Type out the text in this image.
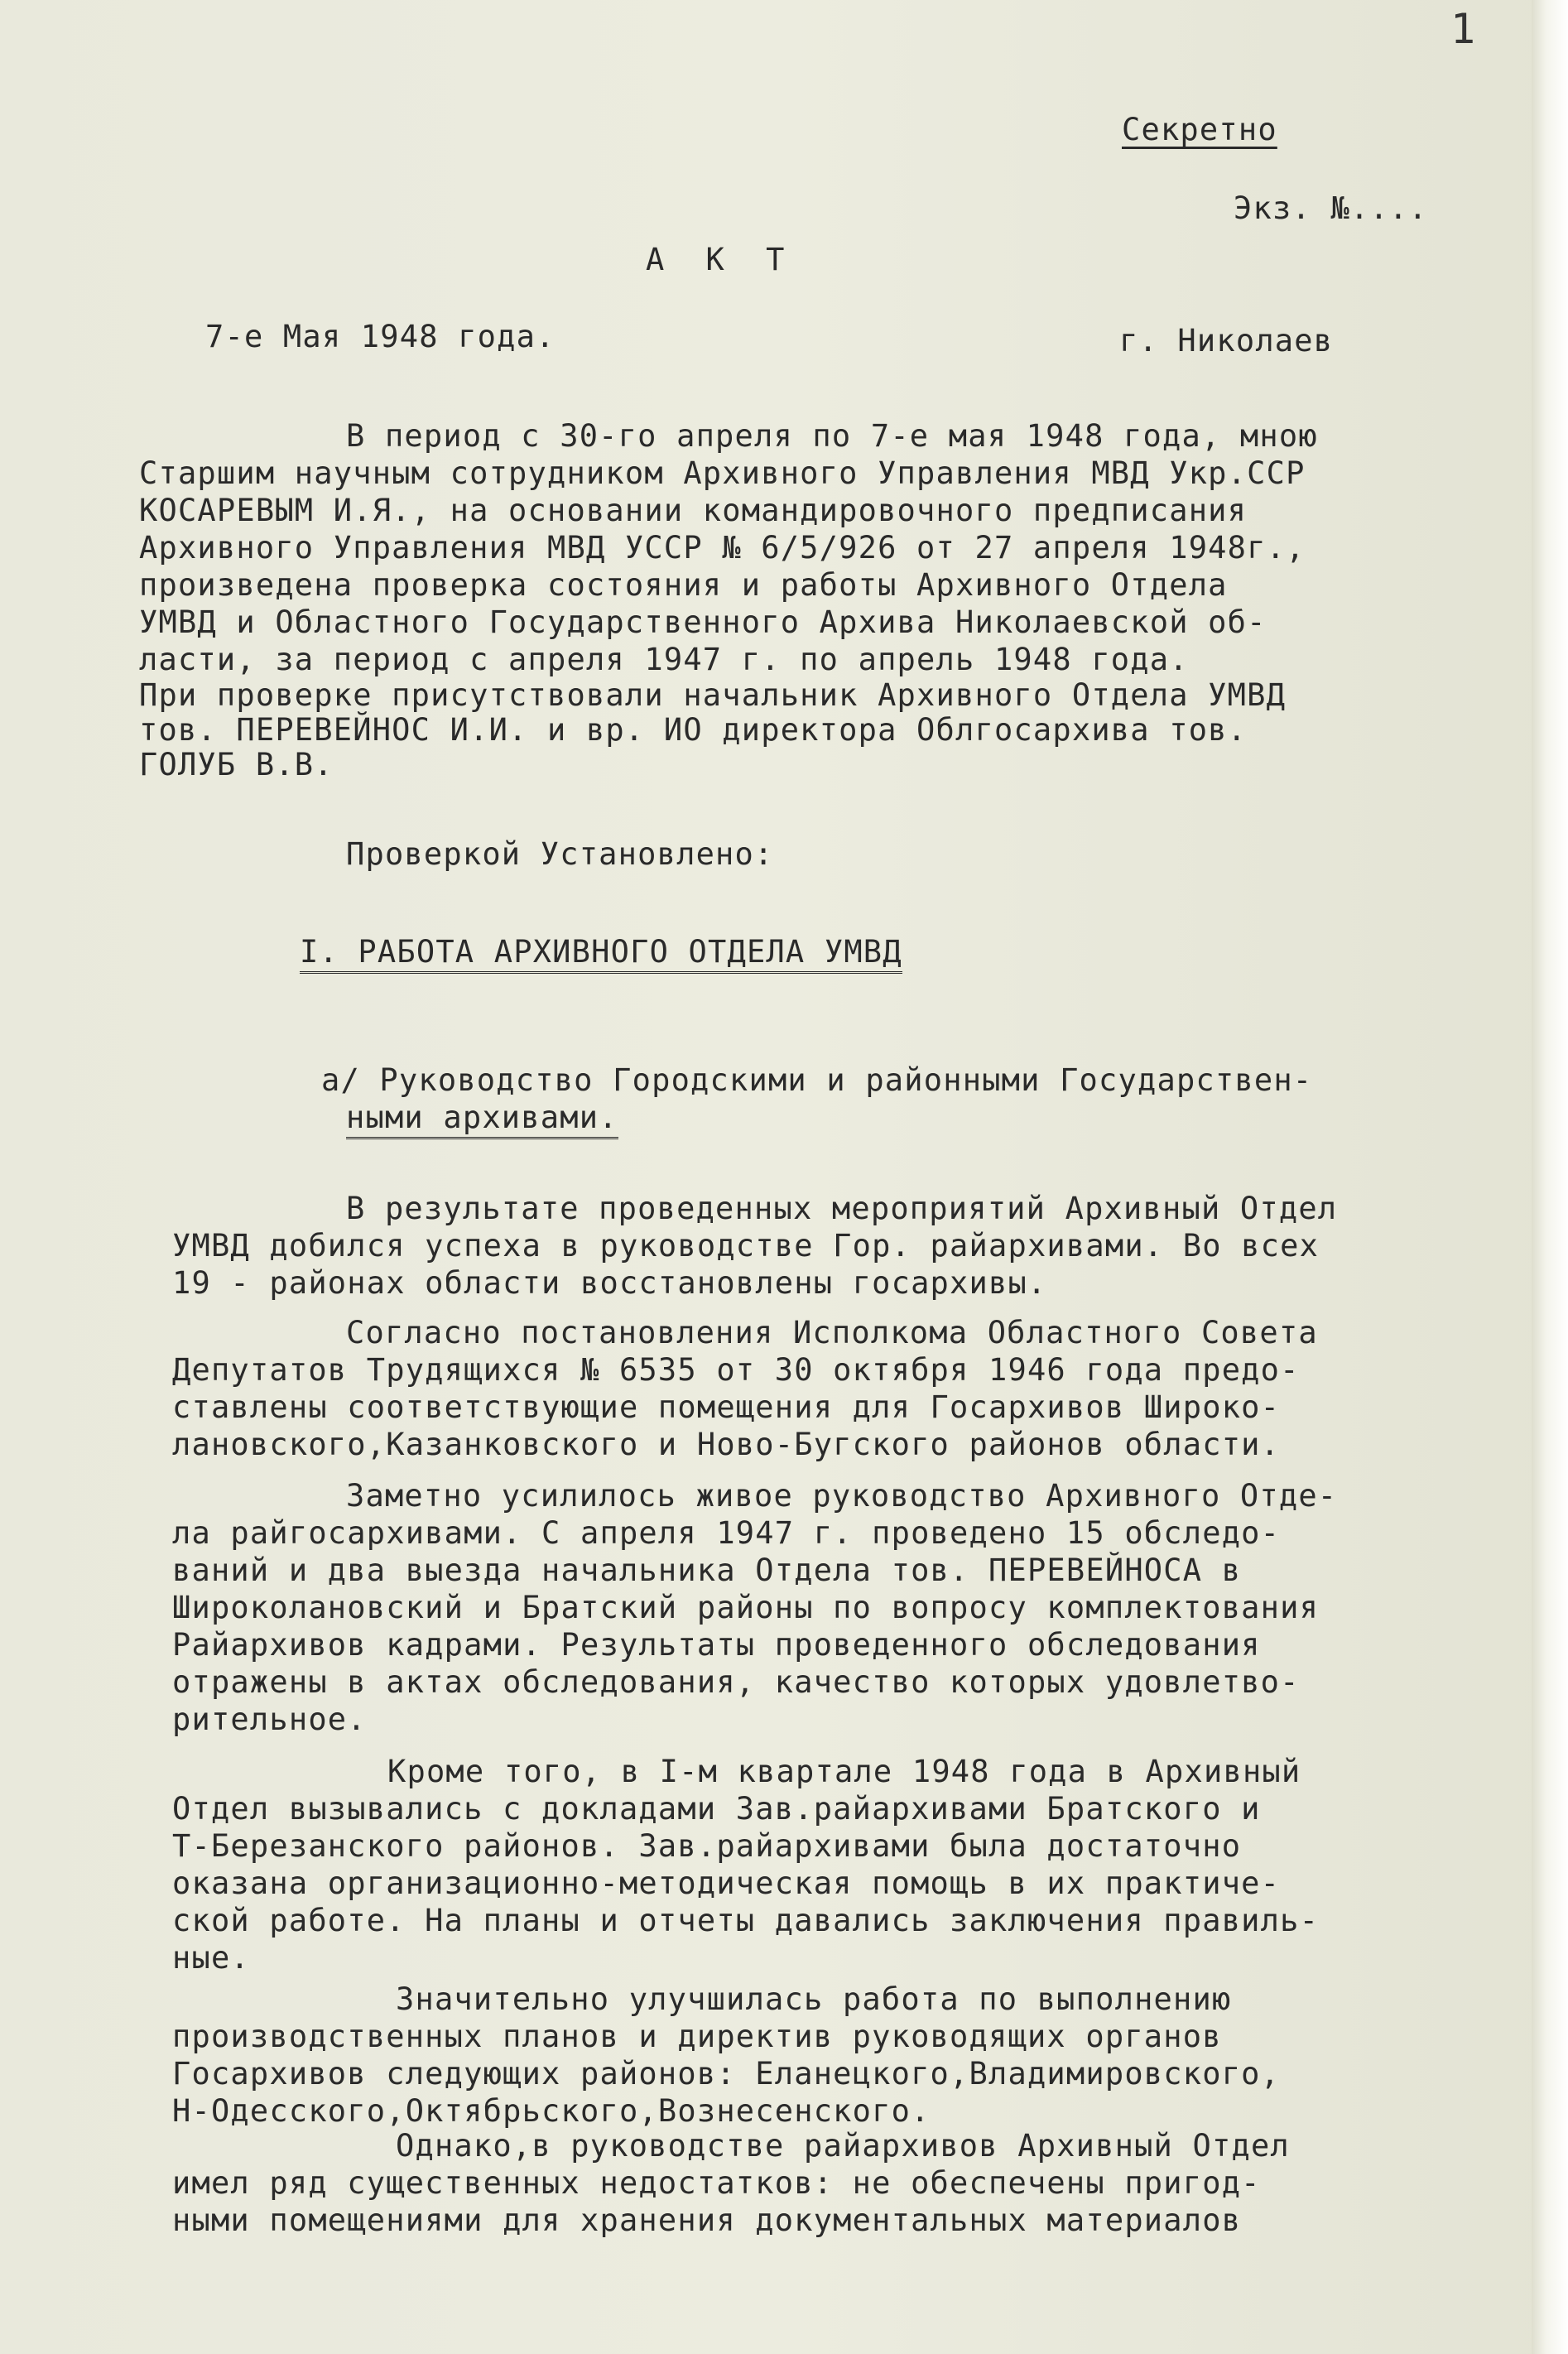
1
Секретно
Экз. №....
А К Т
7-е Мая 1948 года.	г. Николаев
В период с 30-го апреля по 7-е мая 1948 года, мною
Старшим научным сотрудником Архивного Управления МВД Укр.ССР
КОСАРЕВЫМ И.Я., на основании командировочного предписания
Архивного Управления МВД УССР № 6/5/926 от 27 апреля 1948г.,
произведена проверка состояния и работы Архивного Отдела
УМВД и Областного Государственного Архива Николаевской об-
ласти, за период с апреля 1947 г. по апрель 1948 года.
При проверке присутствовали начальник Архивного Отдела УМВД
тов. ПЕРЕВЕЙНОС И.И. и вр. ИО директора Облгосархива тов.
ГОЛУБ В.В.
Проверкой Установлено:
I. РАБОТА АРХИВНОГО ОТДЕЛА УМВД
а/ Руководство Городскими и районными Государствен-
ными архивами.
В результате проведенных мероприятий Архивный Отдел
УМВД добился успеха в руководстве Гор. райархивами. Во всех
19 - районах области восстановлены госархивы.
Согласно постановления Исполкома Областного Совета
Депутатов Трудящихся № 6535 от 30 октября 1946 года предо-
ставлены соответствующие помещения для Госархивов Широко-
лановского,Казанковского и Ново-Бугского районов области.
Заметно усилилось живое руководство Архивного Отде-
ла райгосархивами. С апреля 1947 г. проведено 15 обследо-
ваний и два выезда начальника Отдела тов. ПЕРЕВЕЙНОСА в
Широколановский и Братский районы по вопросу комплектования
Райархивов кадрами. Результаты проведенного обследования
отражены в актах обследования, качество которых удовлетво-
рительное.
Кроме того, в I-м квартале 1948 года в Архивный
Отдел вызывались с докладами Зав.райархивами Братского и
Т-Березанского районов. Зав.райархивами была достаточно
оказана организационно-методическая помощь в их практиче-
ской работе. На планы и отчеты давались заключения правиль-
ные.
Значительно улучшилась работа по выполнению
производственных планов и директив руководящих органов
Госархивов следующих районов: Еланецкого,Владимировского,
Н-Одесского,Октябрьского,Вознесенского.
Однако,в руководстве райархивов Архивный Отдел
имел ряд существенных недостатков: не обеспечены пригод-
ными помещениями для хранения документальных материалов
